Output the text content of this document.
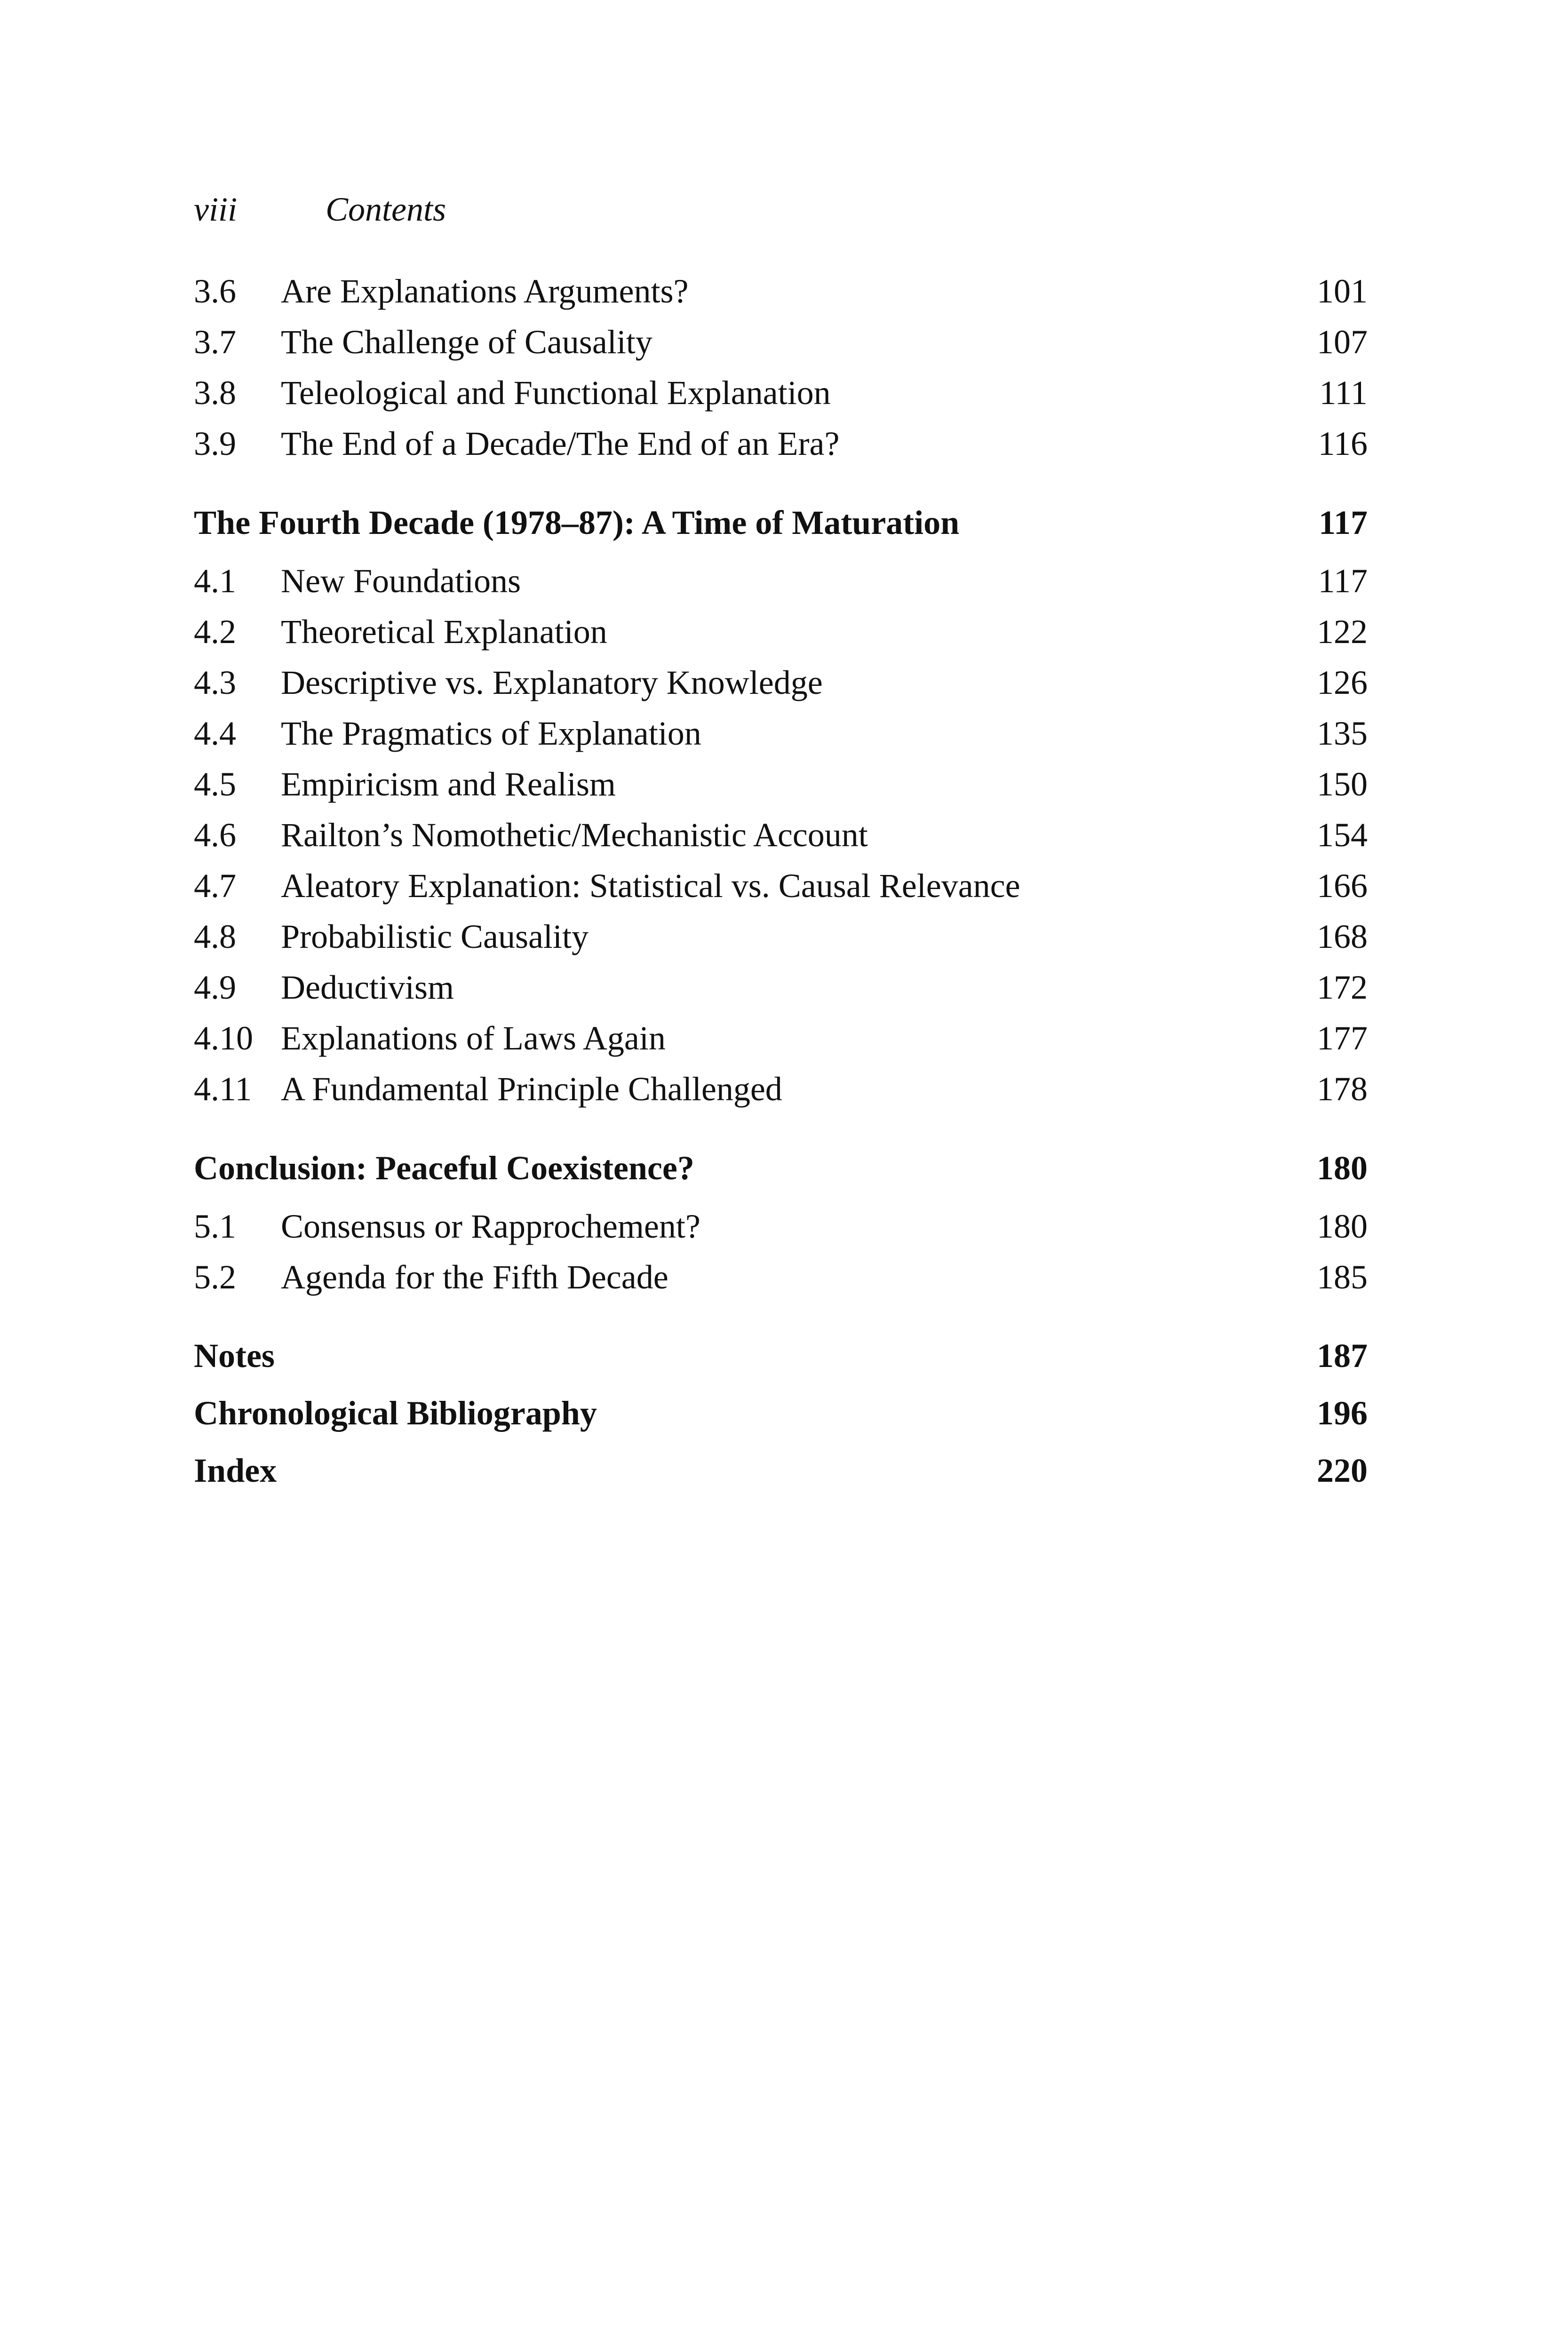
viii	Contents
3.6 Are Explanations Arguments?	101
3.7 The Challenge of Causality	107
3.8 Teleological and Functional Explanation	111
3.9 The End of a Decade/The End of an Era?	116
The Fourth Decade (1978–87): A Time of Maturation	117
4.1 New Foundations	117
4.2 Theoretical Explanation	122
4.3 Descriptive vs. Explanatory Knowledge	126
4.4 The Pragmatics of Explanation	135
4.5 Empiricism and Realism	150
4.6 Railton’s Nomothetic/Mechanistic Account	154
4.7 Aleatory Explanation: Statistical vs. Causal Relevance	166
4.8 Probabilistic Causality	168
4.9 Deductivism	172
4.10 Explanations of Laws Again	177
4.11 A Fundamental Principle Challenged	178
Conclusion: Peaceful Coexistence?	180
5.1 Consensus or Rapprochement?	180
5.2 Agenda for the Fifth Decade	185
Notes	187
Chronological Bibliography	196
Index	220
